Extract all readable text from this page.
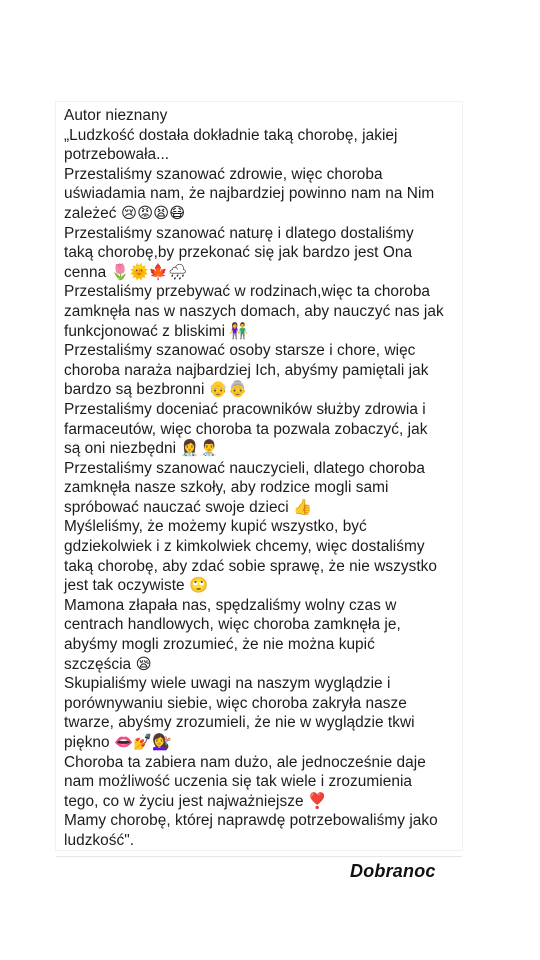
Autor nieznany
„Ludzkość dostała dokładnie taką chorobę, jakiej
potrzebowała...
Przestaliśmy szanować zdrowie, więc choroba
uświadamia nam, że najbardziej powinno nam na Nim
zależeć 😢😡😫😷
Przestaliśmy szanować naturę i dlatego dostaliśmy
taką chorobę,by przekonać się jak bardzo jest Ona
cenna 🌷🌞🍁🌧
Przestaliśmy przebywać w rodzinach,więc ta choroba
zamknęła nas w naszych domach, aby nauczyć nas jak
funkcjonować z bliskimi 👫
Przestaliśmy szanować osoby starsze i chore, więc
choroba naraża najbardziej Ich, abyśmy pamiętali jak
bardzo są bezbronni 👴👵
Przestaliśmy doceniać pracowników służby zdrowia i
farmaceutów, więc choroba ta pozwala zobaczyć, jak
są oni niezbędni 👩‍⚕️👨‍⚕️
Przestaliśmy szanować nauczycieli, dlatego choroba
zamknęła nasze szkoły, aby rodzice mogli sami
spróbować nauczać swoje dzieci 👍
Myśleliśmy, że możemy kupić wszystko, być
gdziekolwiek i z kimkolwiek chcemy, więc dostaliśmy
taką chorobę, aby zdać sobie sprawę, że nie wszystko
jest tak oczywiste 🙄
Mamona złapała nas, spędzaliśmy wolny czas w
centrach handlowych, więc choroba zamknęła je,
abyśmy mogli zrozumieć, że nie można kupić
szczęścia 😪
Skupialiśmy wiele uwagi na naszym wyglądzie i
porównywaniu siebie, więc choroba zakryła nasze
twarze, abyśmy zrozumieli, że nie w wyglądzie tkwi
piękno 👄💅💇‍♀️
Choroba ta zabiera nam dużo, ale jednocześnie daje
nam możliwość uczenia się tak wiele i zrozumienia
tego, co w życiu jest najważniejsze ❣️
Mamy chorobę, której naprawdę potrzebowaliśmy jako
ludzkość".
Dobranoc
